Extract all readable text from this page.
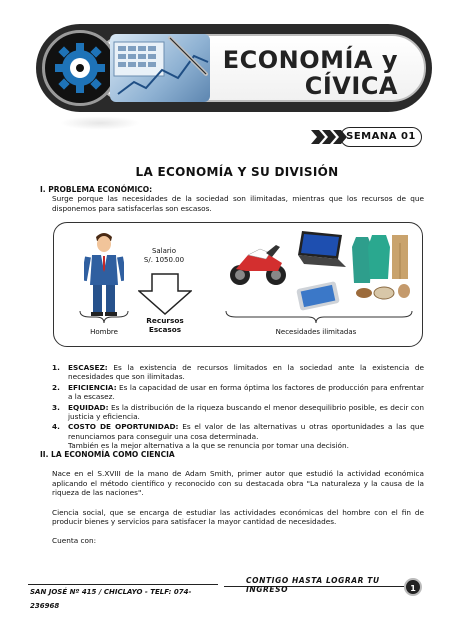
ECONOMÍA y
CÍVICA
SEMANA 01
LA ECONOMÍA Y SU DIVISIÓN
I. PROBLEMA ECONÓMICO:
Surge porque las necesidades de la sociedad son ilimitadas, mientras que los recursos de que disponemos para satisfacerlas son escasos.
Salario
S/. 1050.00
Recursos
Escasos
Hombre	Necesidades ilimitadas
1. ESCASEZ: Es la existencia de recursos limitados en la sociedad ante la existencia de necesidades que son ilimitadas.
2. EFICIENCIA: Es la capacidad de usar en forma óptima los factores de producción para enfrentar a la escasez.
3. EQUIDAD: Es la distribución de la riqueza buscando el menor desequilibrio posible, es decir con justicia y eficiencia.
4. COSTO DE OPORTUNIDAD: Es el valor de las alternativas u otras oportunidades a las que renunciamos para conseguir una cosa determinada.
También es la mejor alternativa a la que se renuncia por tomar una decisión.
II. LA ECONOMÍA COMO CIENCIA
Nace en el S.XVIII de la mano de Adam Smith, primer autor que estudió la actividad económica aplicando el método científico y reconocido con su destacada obra "La naturaleza y la causa de la riqueza de las naciones".
Ciencia social, que se encarga de estudiar las actividades económicas del hombre con el fin de producir bienes y servicios para satisfacer la mayor cantidad de necesidades.
Cuenta con:
SAN JOSÉ Nº 415 / CHICLAYO - TELF: 074-236968
CONTIGO HASTA LOGRAR TU INGRESO	1
